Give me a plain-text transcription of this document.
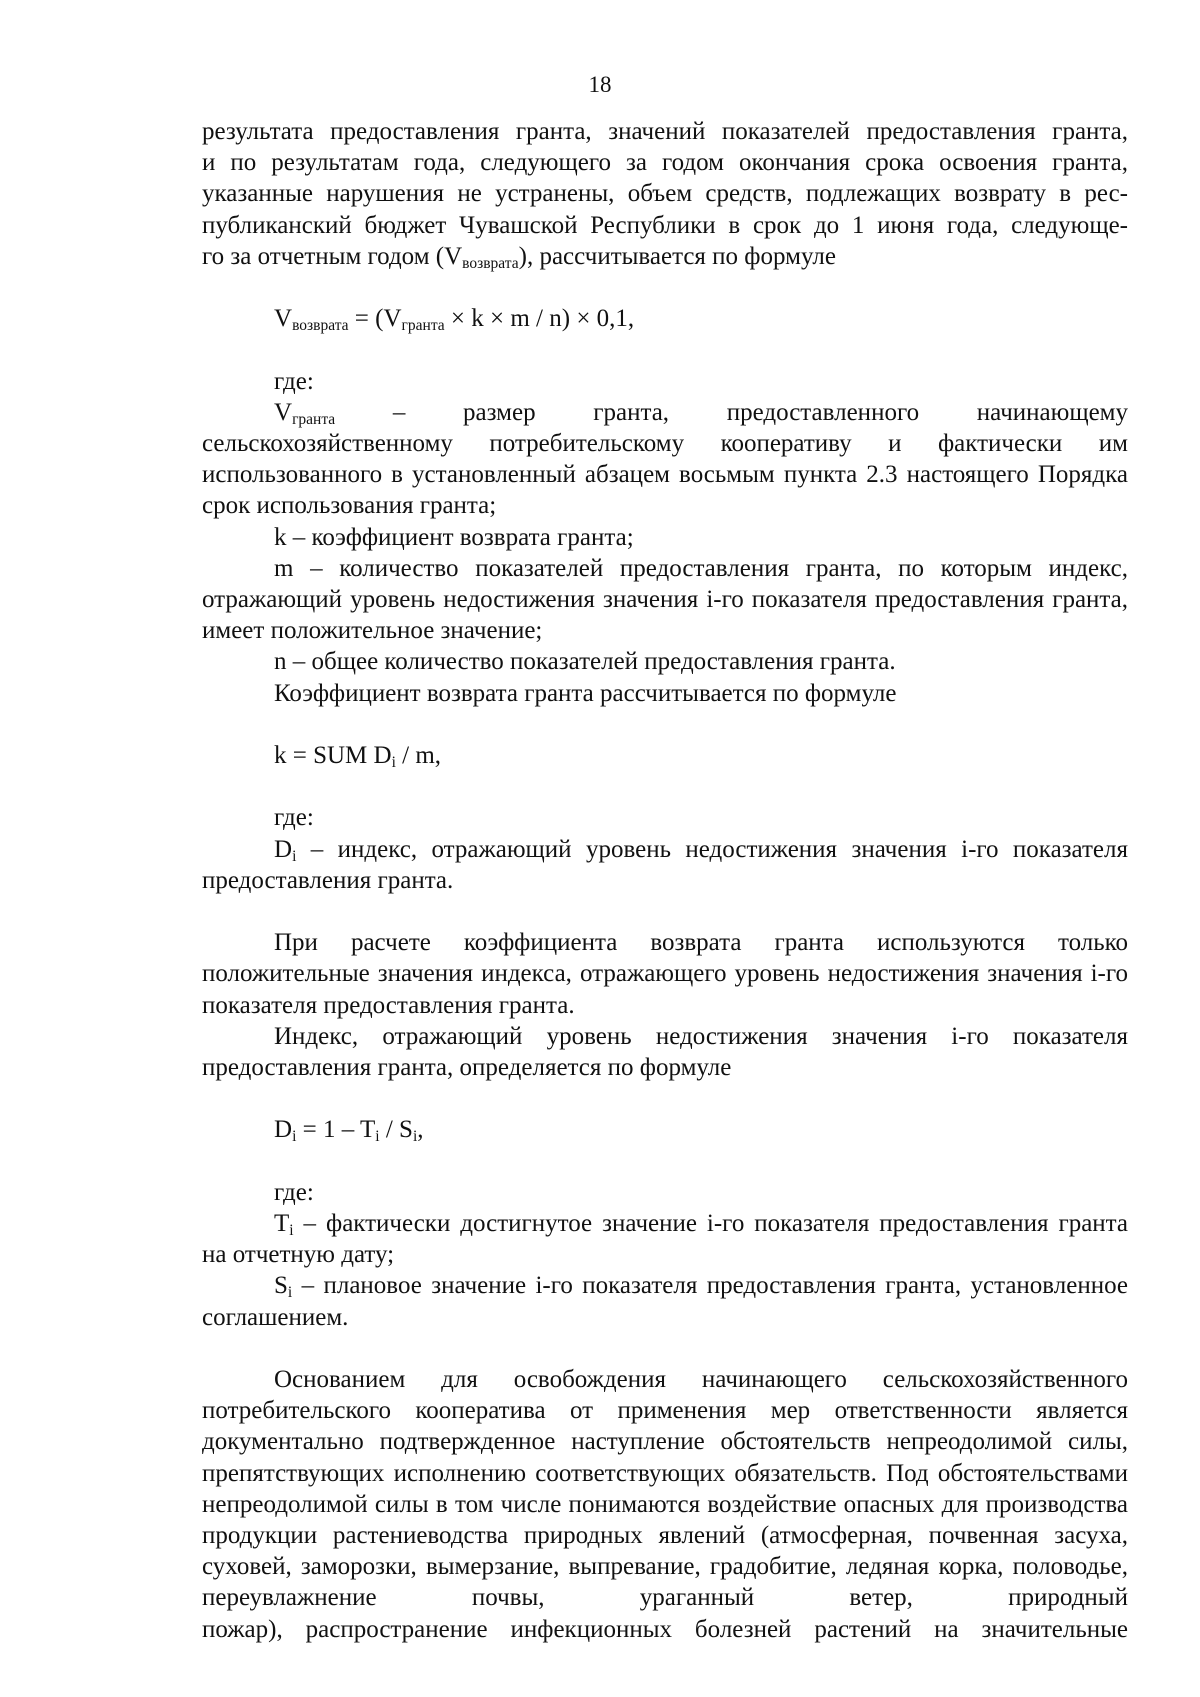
18

результата предоставления гранта, значений показателей предоставления гранта,

и по результатам года, следующего за годом окончания срока освоения гранта,

указанные нарушения не устранены, объем средств, подлежащих возврату в рес-

публиканский бюджет Чувашской Республики в срок до 1 июня года, следующе-

го за отчетным годом $(V_{возврата})$, рассчитывается по формуле

$V_{возврата} = (V_{гранта} \times k \times m / n) \times 0,1$,

где:

$V_{гранта}$ – размер гранта, предоставленного начинающему сельскохозяйственному потребительскому кооперативу и фактически им использованного в установленный абзацем восьмым пункта 2.3 настоящего Порядка срок использования гранта;

k – коэффициент возврата гранта;

m – количество показателей предоставления гранта, по которым индекс, отражающий уровень недостижения значения i-го показателя предоставления гранта, имеет положительное значение;

n – общее количество показателей предоставления гранта.

Коэффициент возврата гранта рассчитывается по формуле

k = SUM $D_i$ / m,

где:

$D_i$ – индекс, отражающий уровень недостижения значения i-го показателя предоставления гранта.

При расчете коэффициента возврата гранта используются только положительные значения индекса, отражающего уровень недостижения значения i-го показателя предоставления гранта.

Индекс, отражающий уровень недостижения значения i-го показателя предоставления гранта, определяется по формуле

$D_i = 1 - T_i / S_i$,

где:

$T_i$ – фактически достигнутое значение i-го показателя предоставления гранта на отчетную дату;

$S_i$ – плановое значение i-го показателя предоставления гранта, установленное соглашением.

Основанием для освобождения начинающего сельскохозяйственного потребительского кооператива от применения мер ответственности является документально подтвержденное наступление обстоятельств непреодолимой силы, препятствующих исполнению соответствующих обязательств. Под обстоятельствами непреодолимой силы в том числе понимаются воздействие опасных для производства продукции растениеводства природных явлений (атмосферная, почвенная засуха, суховей, заморозки, вымерзание, выпревание, градобитие, ледяная корка, половодье, переувлажнение почвы, ураганный ветер, природный

пожар), распространение инфекционных болезней растений на значительные
